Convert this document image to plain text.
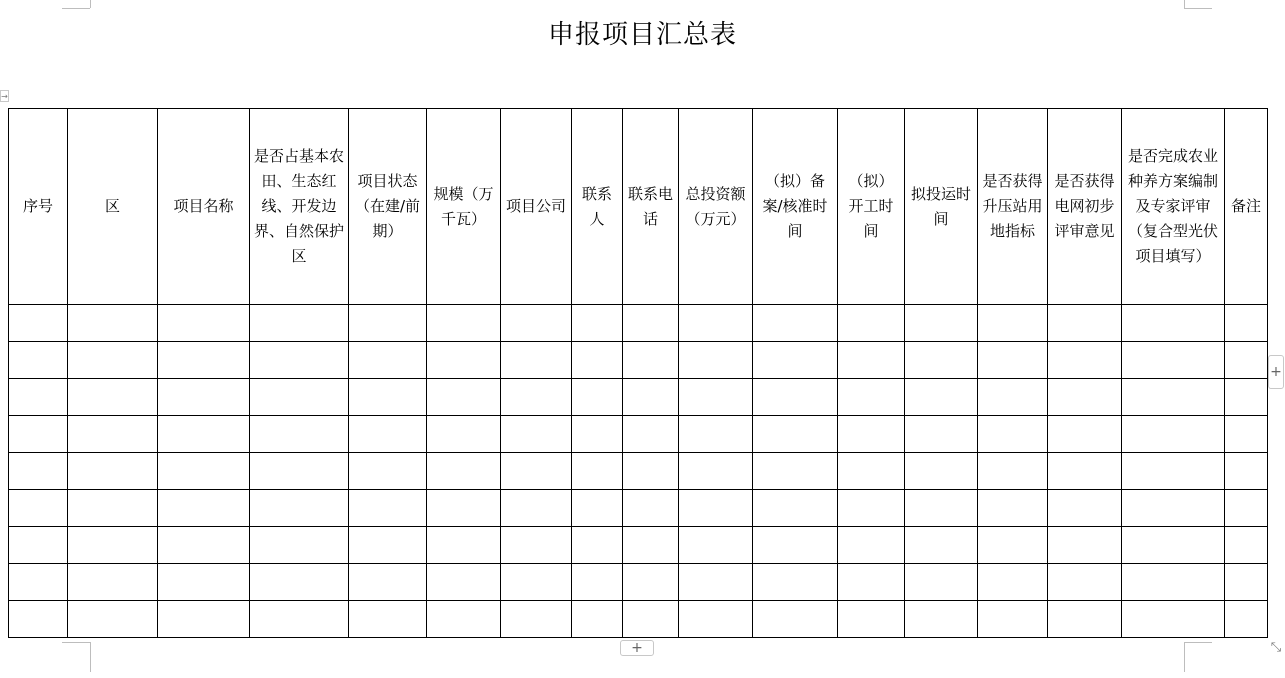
申报项目汇总表
→
序号	区	项目名称	是否占基本农田、生态红线、开发边界、自然保护区	项目状态（在建/前期）	规模（万千瓦）	项目公司	联系人	联系电话	总投资额（万元）	（拟）备案/核准时间	（拟）开工时间	拟投运时间	是否获得升压站用地指标	是否获得电网初步评审意见	是否完成农业种养方案编制及专家评审（复合型光伏项目填写）	备注

+
+
⤡
